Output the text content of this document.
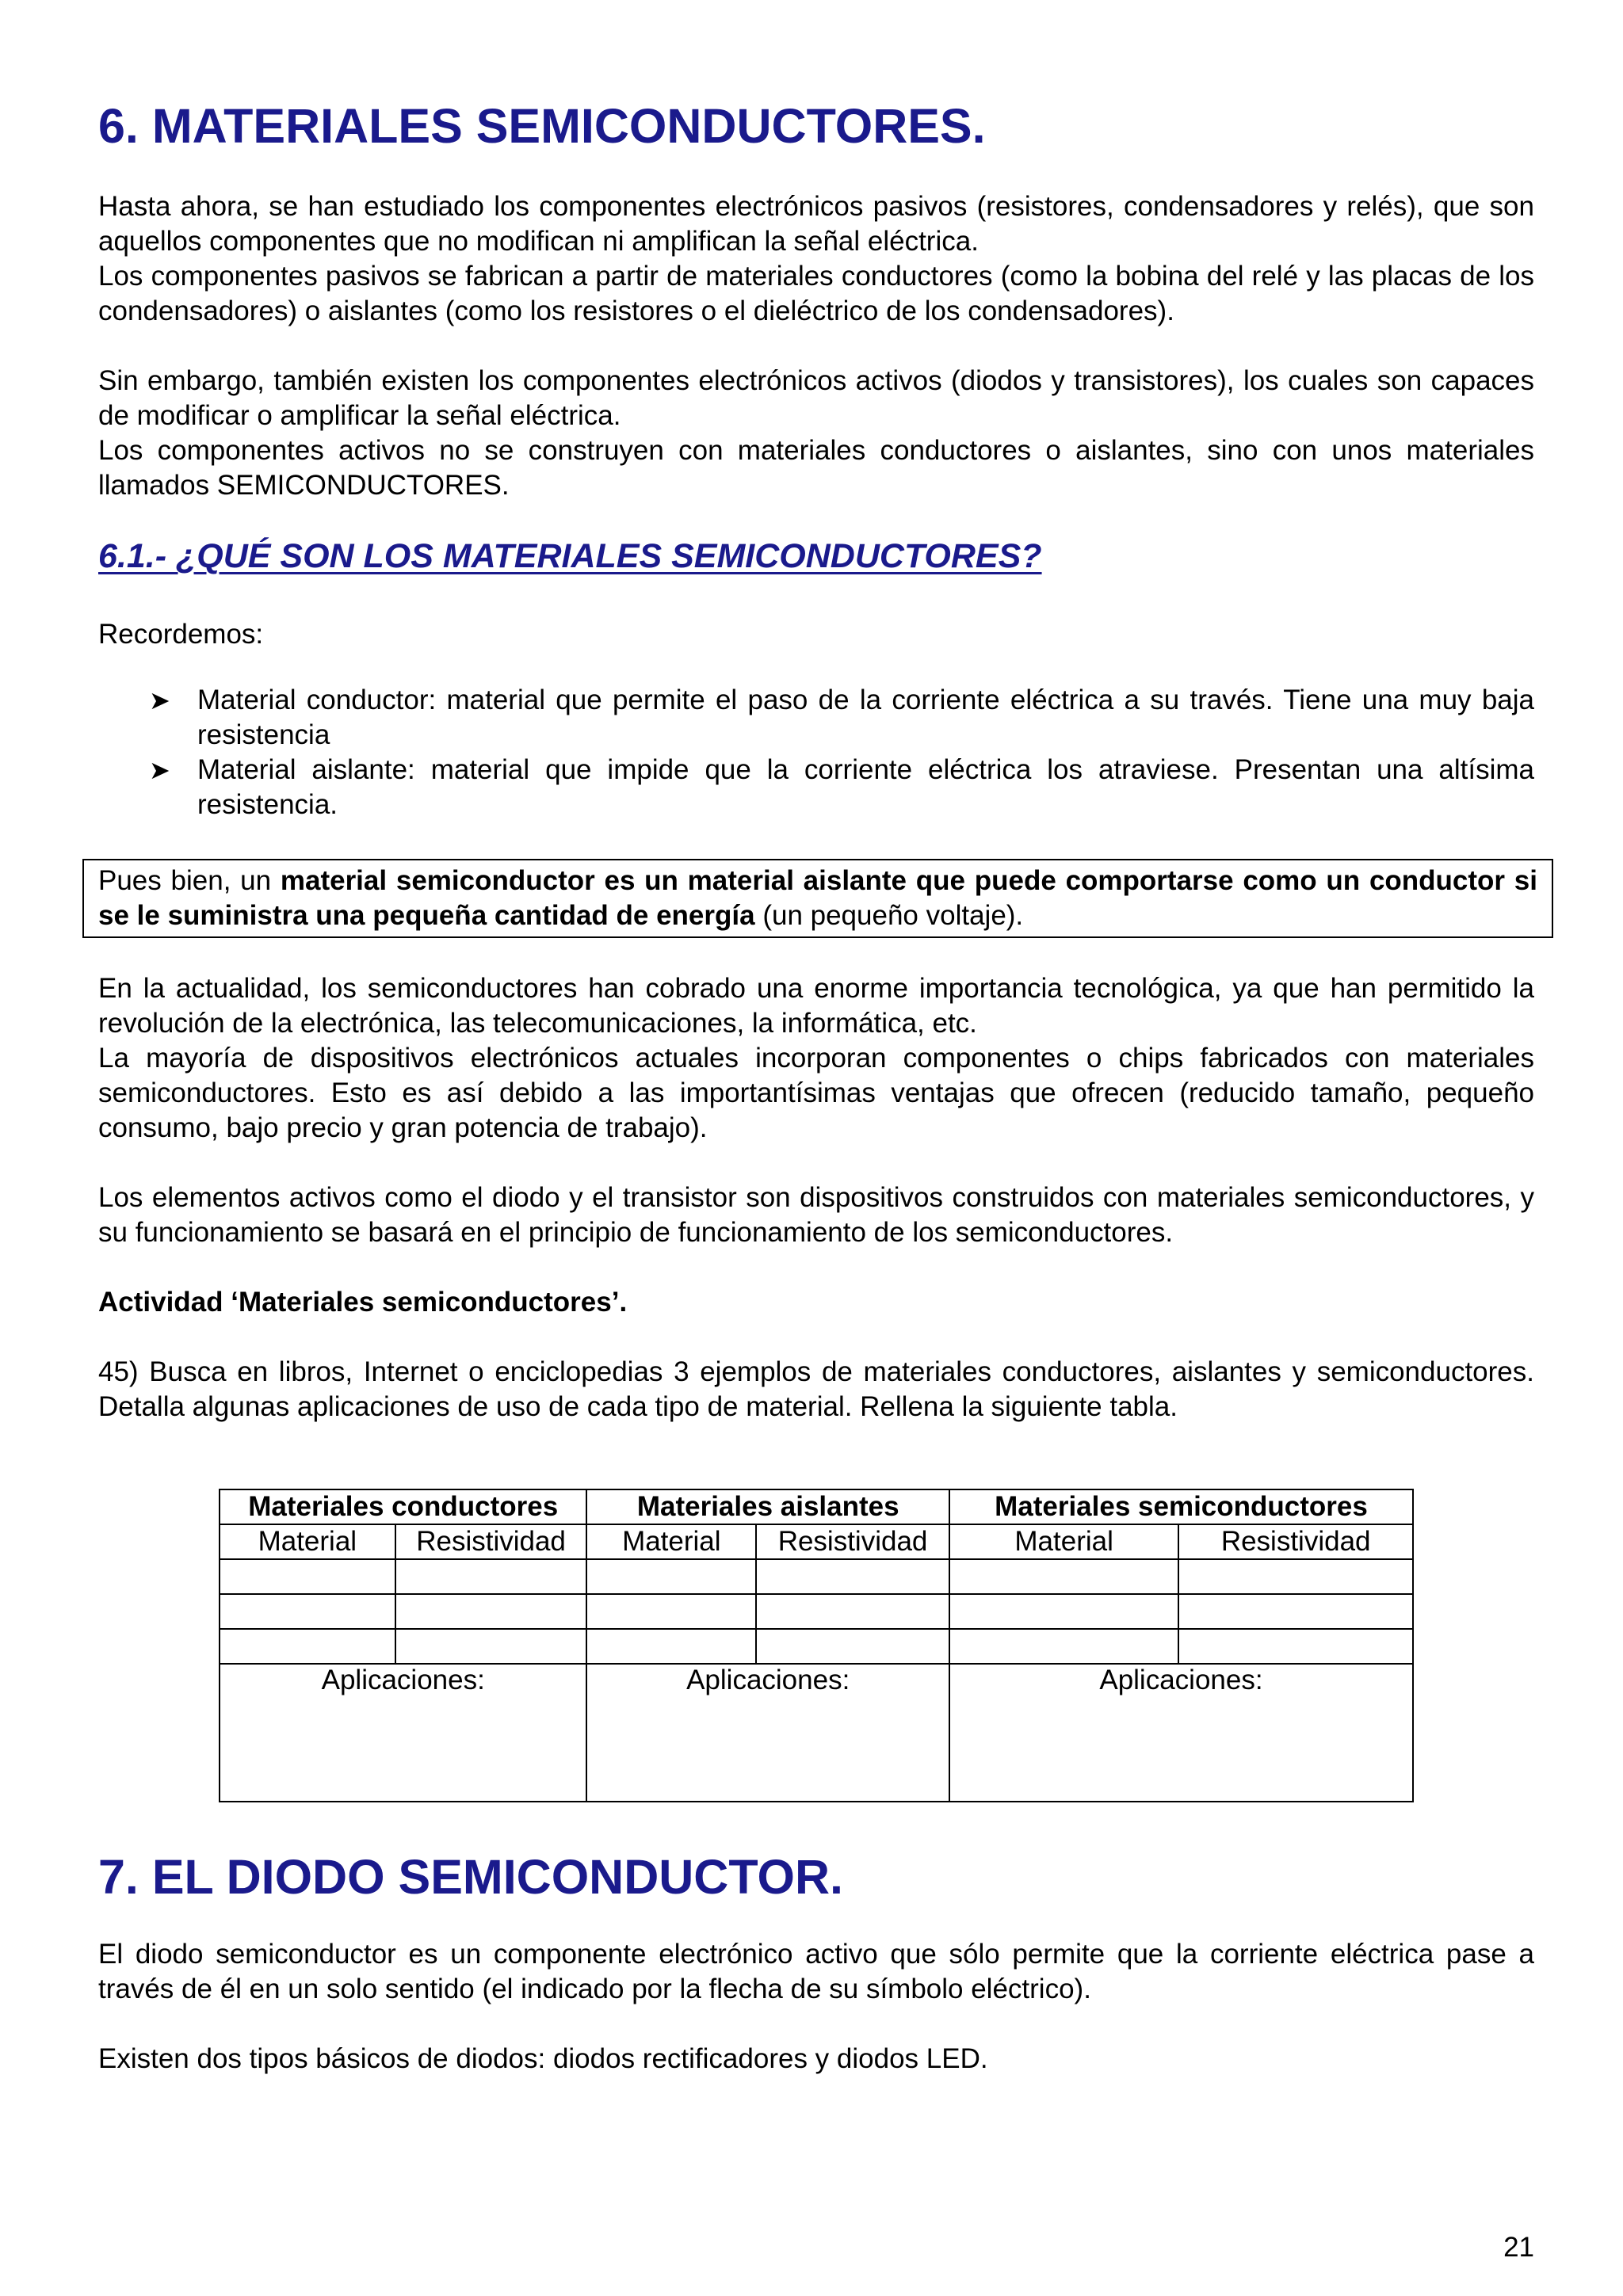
6. MATERIALES SEMICONDUCTORES.

Hasta ahora, se han estudiado los componentes electrónicos pasivos (resistores, condensadores y relés), que son aquellos componentes que no modifican ni amplifican la señal eléctrica.

Los componentes pasivos se fabrican a partir de materiales conductores (como la bobina del relé y las placas de los condensadores) o aislantes (como los resistores o el dieléctrico de los condensadores).

Sin embargo, también existen los componentes electrónicos activos (diodos y transistores), los cuales son capaces de modificar o amplificar la señal eléctrica.

Los componentes activos no se construyen con materiales conductores o aislantes, sino con unos materiales llamados SEMICONDUCTORES.

6.1.- ¿QUÉ SON LOS MATERIALES SEMICONDUCTORES?

Recordemos:

➤ Material conductor: material que permite el paso de la corriente eléctrica a su través. Tiene una muy baja resistencia
➤ Material aislante: material que impide que la corriente eléctrica los atraviese. Presentan una altísima resistencia.

Pues bien, un material semiconductor es un material aislante que puede comportarse como un conductor si se le suministra una pequeña cantidad de energía (un pequeño voltaje).

En la actualidad, los semiconductores han cobrado una enorme importancia tecnológica, ya que han permitido la revolución de la electrónica, las telecomunicaciones, la informática, etc.

La mayoría de dispositivos electrónicos actuales incorporan componentes o chips fabricados con materiales semiconductores. Esto es así debido a las importantísimas ventajas que ofrecen (reducido tamaño, pequeño consumo, bajo precio y gran potencia de trabajo).

Los elementos activos como el diodo y el transistor son dispositivos construidos con materiales semiconductores, y su funcionamiento se basará en el principio de funcionamiento de los semiconductores.

Actividad ‘Materiales semiconductores’.

45) Busca en libros, Internet o enciclopedias 3 ejemplos de materiales conductores, aislantes y semiconductores. Detalla algunas aplicaciones de uso de cada tipo de material. Rellena la siguiente tabla.

Materiales conductores		Materiales aislantes		Materiales semiconductores	
Material	Resistividad	Material	Resistividad	Material	Resistividad

Aplicaciones:		Aplicaciones:		Aplicaciones:	
7. EL DIODO SEMICONDUCTOR.

El diodo semiconductor es un componente electrónico activo que sólo permite que la corriente eléctrica pase a través de él en un solo sentido (el indicado por la flecha de su símbolo eléctrico).

Existen dos tipos básicos de diodos: diodos rectificadores y diodos LED.

21
